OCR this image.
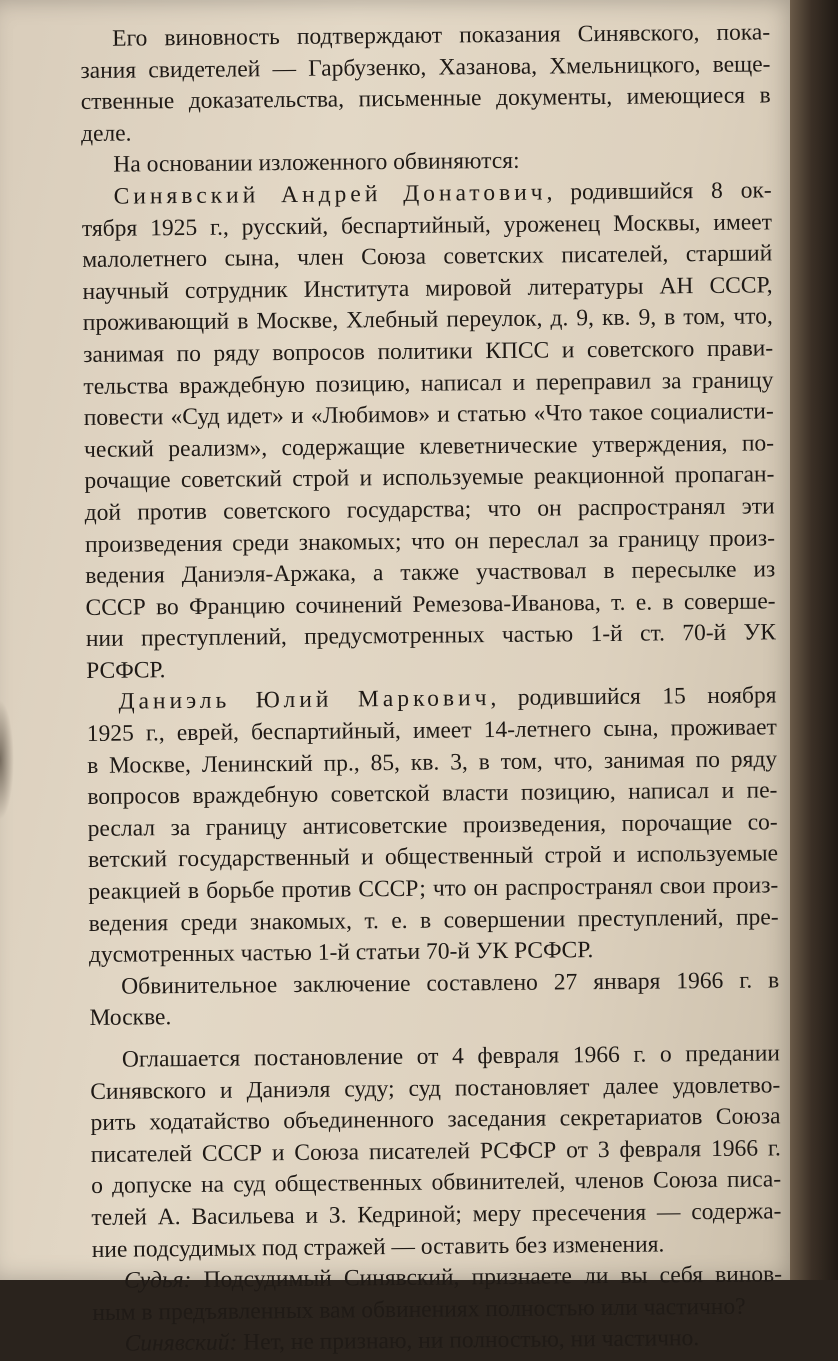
Его виновность подтверждают показания Синявского, пока-
зания свидетелей — Гарбузенко, Хазанова, Хмельницкого, веще-
ственные доказательства, письменные документы, имеющиеся в
деле.
На основании изложенного обвиняются:
Синявский Андрей Донатович, родившийся 8 ок-
тября 1925 г., русский, беспартийный, уроженец Москвы, имеет
малолетнего сына, член Союза советских писателей, старший
научный сотрудник Института мировой литературы АН СССР,
проживающий в Москве, Хлебный переулок, д. 9, кв. 9, в том, что,
занимая по ряду вопросов политики КПСС и советского прави-
тельства враждебную позицию, написал и переправил за границу
повести «Суд идет» и «Любимов» и статью «Что такое социалисти-
ческий реализм», содержащие клеветнические утверждения, по-
рочащие советский строй и используемые реакционной пропаган-
дой против советского государства; что он распространял эти
произведения среди знакомых; что он переслал за границу произ-
ведения Даниэля-Аржака, а также участвовал в пересылке из
СССР во Францию сочинений Ремезова-Иванова, т. е. в соверше-
нии преступлений, предусмотренных частью 1-й ст. 70-й УК
РСФСР.
Даниэль Юлий Маркович, родившийся 15 ноября
1925 г., еврей, беспартийный, имеет 14-летнего сына, проживает
в Москве, Ленинский пр., 85, кв. 3, в том, что, занимая по ряду
вопросов враждебную советской власти позицию, написал и пе-
реслал за границу антисоветские произведения, порочащие со-
ветский государственный и общественный строй и используемые
реакцией в борьбе против СССР; что он распространял свои произ-
ведения среди знакомых, т. е. в совершении преступлений, пре-
дусмотренных частью 1-й статьи 70-й УК РСФСР.
Обвинительное заключение составлено 27 января 1966 г. в
Москве.
Оглашается постановление от 4 февраля 1966 г. о предании
Синявского и Даниэля суду; суд постановляет далее удовлетво-
рить ходатайство объединенного заседания секретариатов Союза
писателей СССР и Союза писателей РСФСР от 3 февраля 1966 г.
о допуске на суд общественных обвинителей, членов Союза писа-
телей А. Васильева и З. Кедриной; меру пресечения — содержа-
ние подсудимых под стражей — оставить без изменения.
Судья: Подсудимый Синявский, признаете ли вы себя винов-
ным в предъявленных вам обвинениях полностью или частично?
Синявский: Нет, не признаю, ни полностью, ни частично.
